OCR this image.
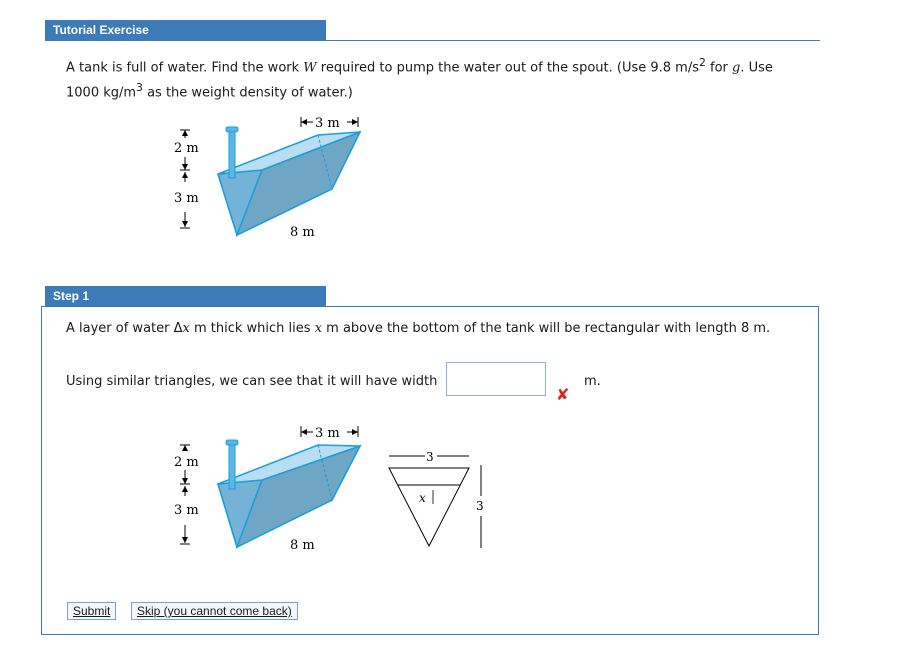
Tutorial Exercise
A tank is full of water. Find the work W required to pump the water out of the spout. (Use 9.8 $m/s^2$ for g. Use
1000 $kg/m^3$ as the weight density of water.)
3 m
2 m
3 m
8 m
Step 1
A layer of water Δx m thick which lies x m above the bottom of the tank will be rectangular with length 8 m.
Using similar triangles, we can see that it will have width
✘
m.
3 m
2 m
3 m
8 m
3
x
3
Submit	Skip (you cannot come back)
